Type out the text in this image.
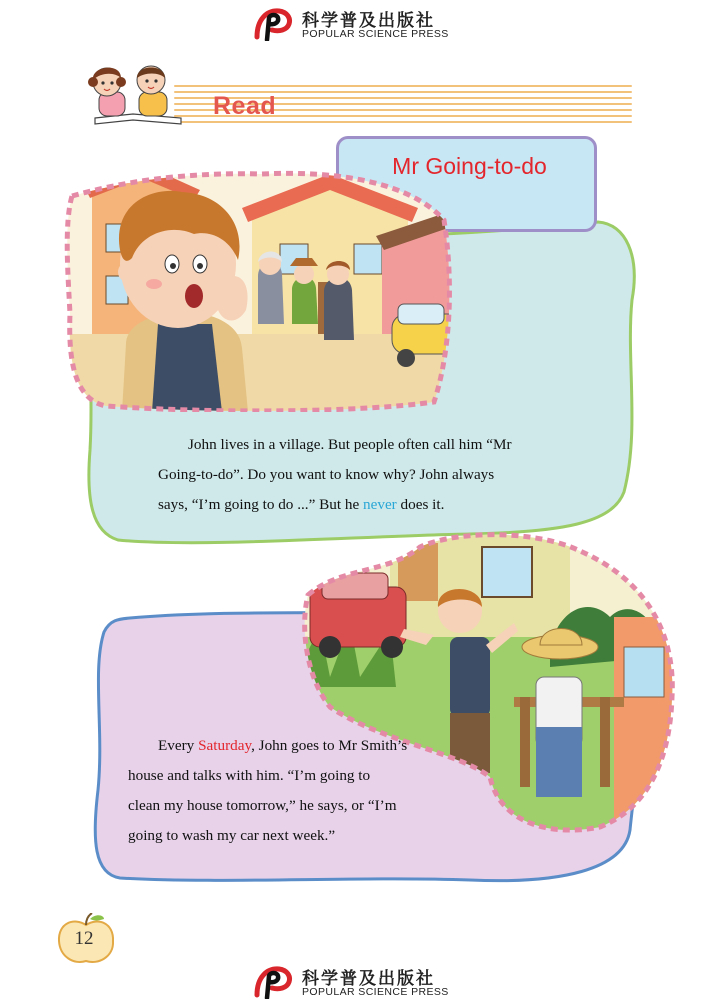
科学普及出版社
POPULAR SCIENCE PRESS
Read
Mr Going-to-do
John lives in a village. But people often call him “Mr
Going-to-do”. Do you want to know why? John always
says, “I’m going to do ...” But he never does it.
Every Saturday, John goes to Mr Smith’s
house and talks with him. “I’m going to
clean my house tomorrow,” he says, or “I’m
going to wash my car next week.”
12
科学普及出版社
POPULAR SCIENCE PRESS
